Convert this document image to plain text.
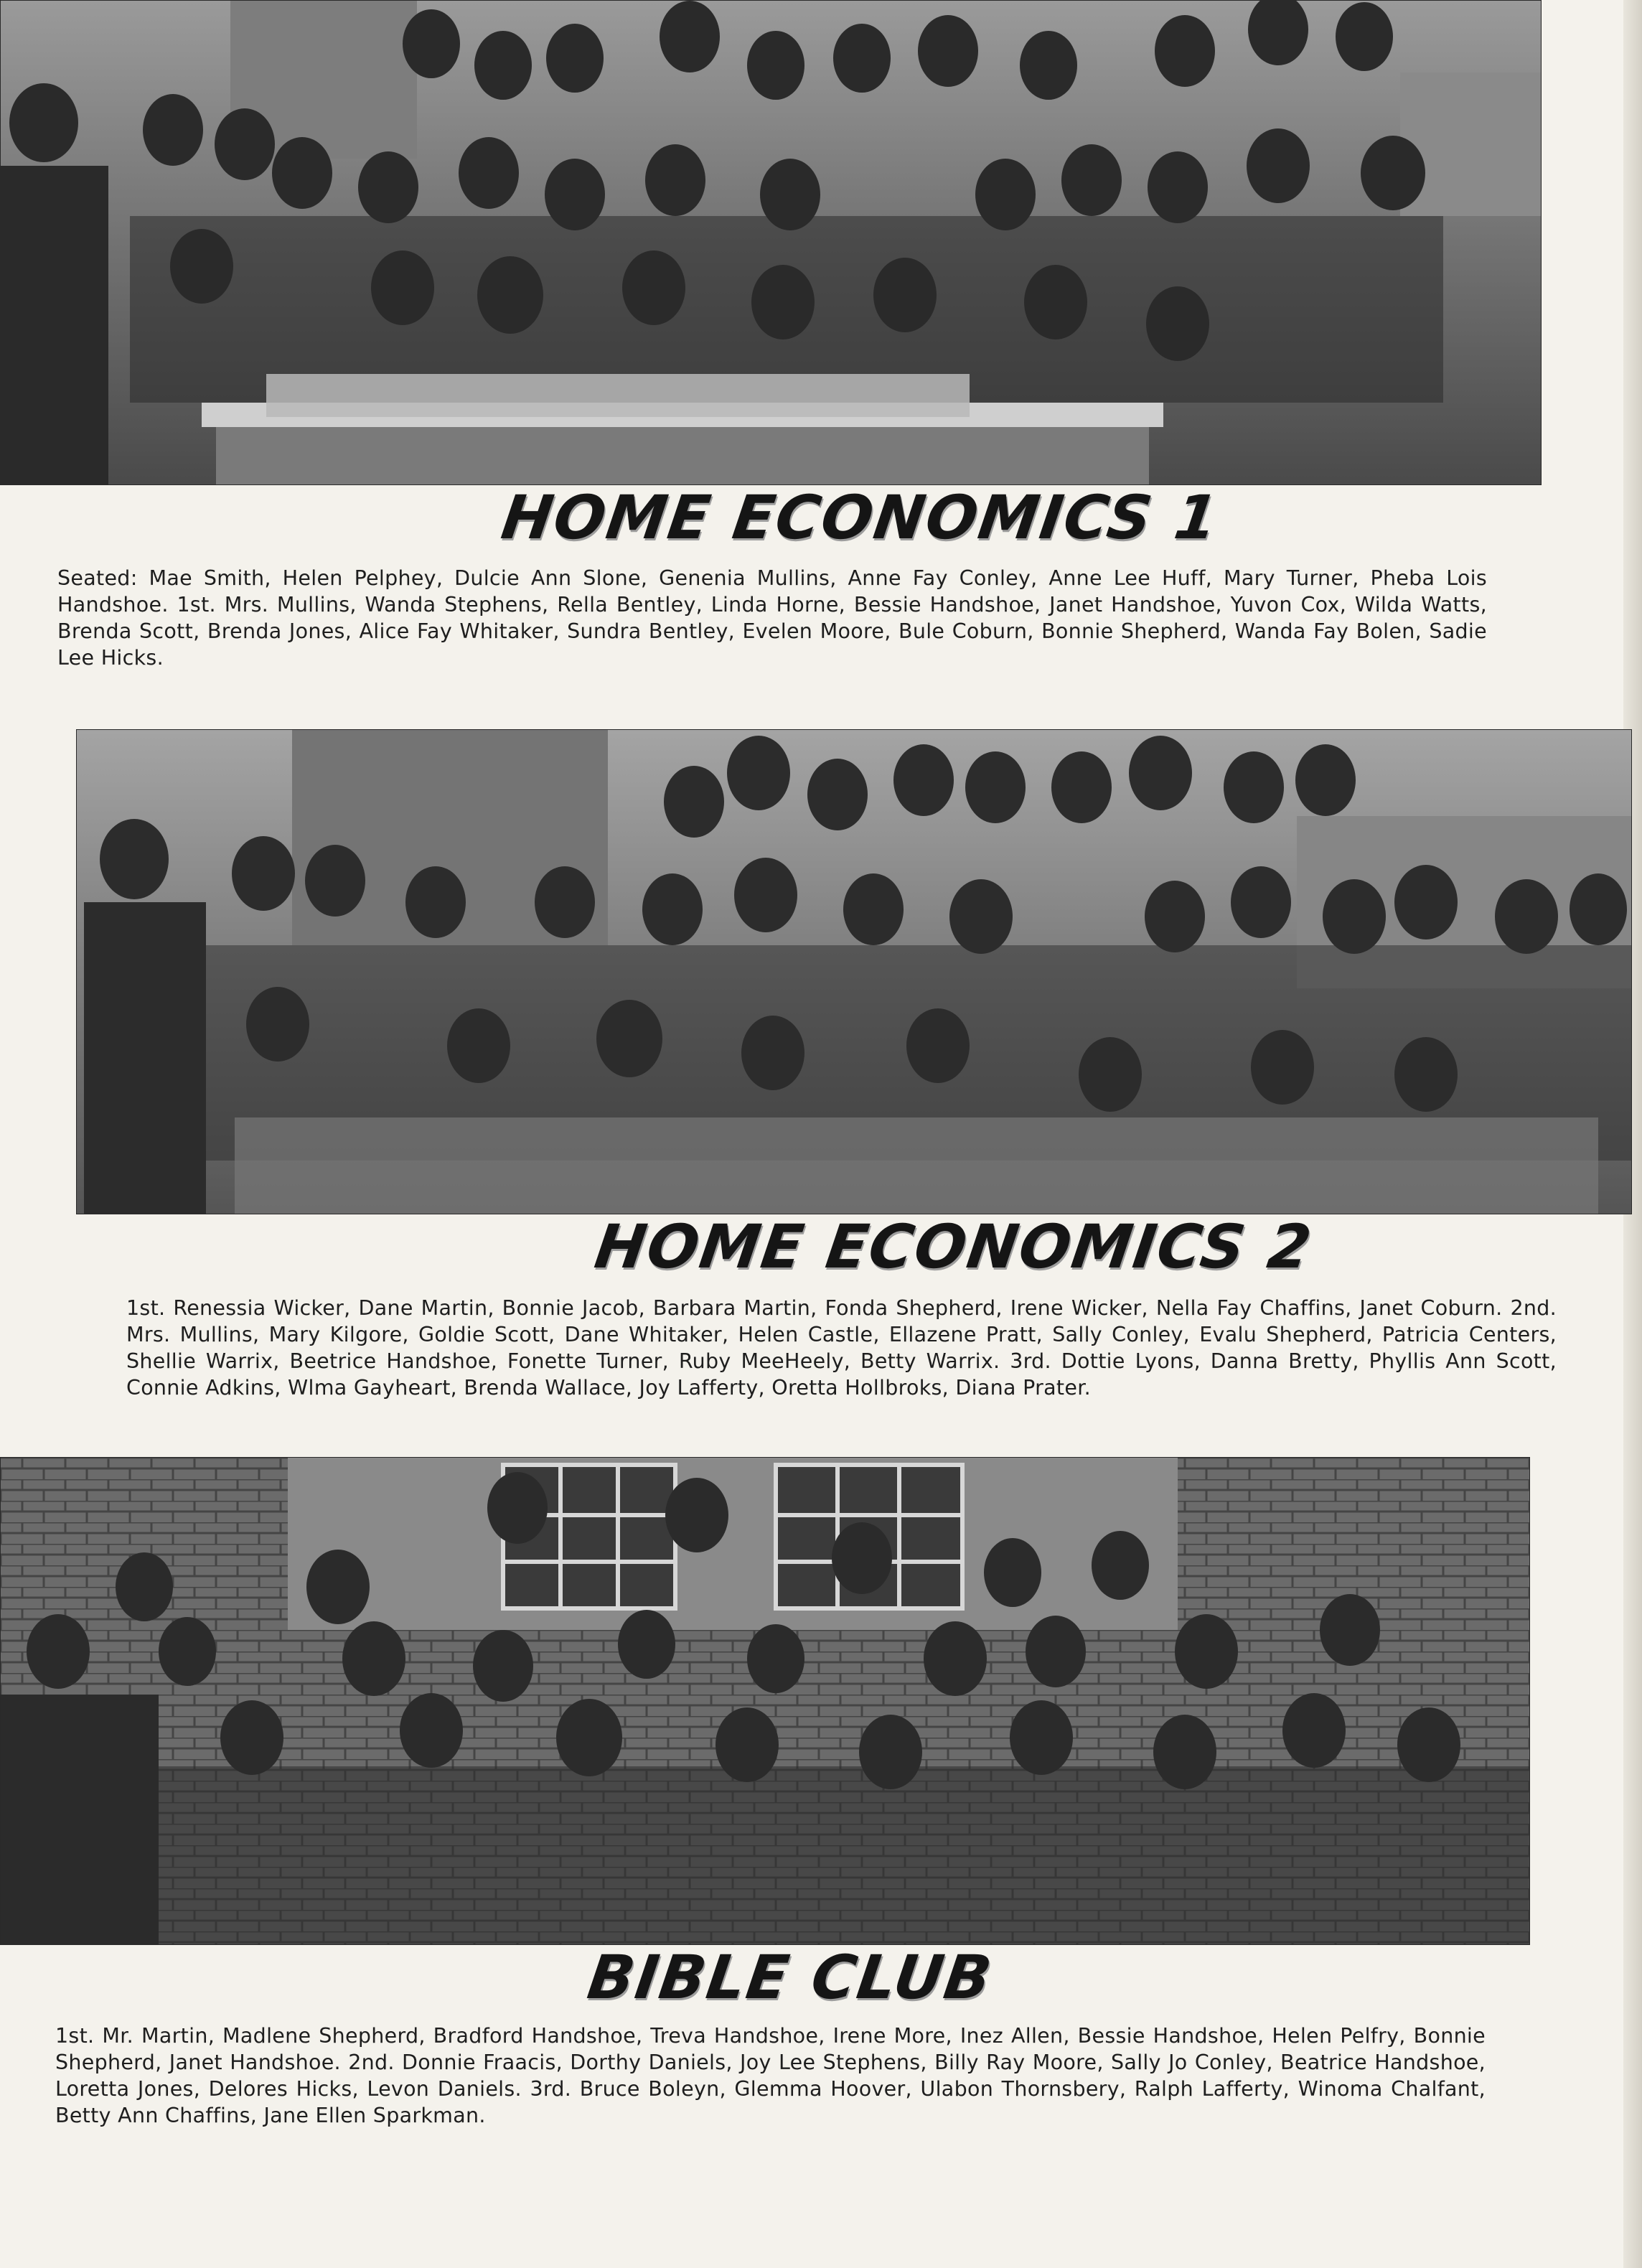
HOME ECONOMICS 1

Seated: Mae Smith, Helen Pelphey, Dulcie Ann Slone, Genenia Mullins, Anne Fay Conley, Anne Lee Huff, Mary Turner, Pheba Lois Handshoe. 1st. Mrs. Mullins, Wanda Stephens, Rella Bentley, Linda Horne, Bessie Handshoe, Janet Handshoe, Yuvon Cox, Wilda Watts, Brenda Scott, Brenda Jones, Alice Fay Whitaker, Sundra Bentley, Evelen Moore, Bule Coburn, Bonnie Shepherd, Wanda Fay Bolen, Sadie Lee Hicks.

HOME ECONOMICS 2

1st. Renessia Wicker, Dane Martin, Bonnie Jacob, Barbara Martin, Fonda Shepherd, Irene Wicker, Nella Fay Chaffins, Janet Coburn. 2nd. Mrs. Mullins, Mary Kilgore, Goldie Scott, Dane Whitaker, Helen Castle, Ellazene Pratt, Sally Conley, Evalu Shepherd, Patricia Centers, Shellie Warrix, Beetrice Handshoe, Fonette Turner, Ruby MeeHeely, Betty Warrix. 3rd. Dottie Lyons, Danna Bretty, Phyllis Ann Scott, Connie Adkins, Wlma Gayheart, Brenda Wallace, Joy Lafferty, Oretta Hollbroks, Diana Prater.

BIBLE CLUB

1st. Mr. Martin, Madlene Shepherd, Bradford Handshoe, Treva Handshoe, Irene More, Inez Allen, Bessie Handshoe, Helen Pelfry, Bonnie Shepherd, Janet Handshoe. 2nd. Donnie Fraacis, Dorthy Daniels, Joy Lee Stephens, Billy Ray Moore, Sally Jo Conley, Beatrice Handshoe, Loretta Jones, Delores Hicks, Levon Daniels. 3rd. Bruce Boleyn, Glemma Hoover, Ulabon Thornsbery, Ralph Lafferty, Winoma Chalfant, Betty Ann Chaffins, Jane Ellen Sparkman.
